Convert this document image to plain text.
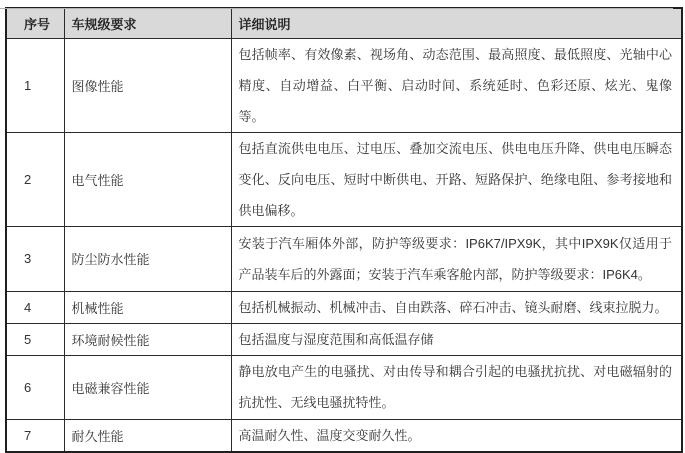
序号	车规级要求	详细说明
1	图像性能	包括帧率、有效像素、视场角、动态范围、最高照度、最低照度、光轴中心精度、自动增益、白平衡、启动时间、系统延时、色彩还原、炫光、鬼像等。
2	电气性能	包括直流供电电压、过电压、叠加交流电压、供电电压升降、供电电压瞬态变化、反向电压、短时中断供电、开路、短路保护、绝缘电阻、参考接地和供电偏移。
3	防尘防水性能	安装于汽车厢体外部，防护等级要求：IP6K7/IPX9K，其中IPX9K仅适用于产品装车后的外露面；安装于汽车乘客舱内部，防护等级要求：IP6K4。
4	机械性能	包括机械振动、机械冲击、自由跌落、碎石冲击、镜头耐磨、线束拉脱力。
5	环境耐候性能	包括温度与湿度范围和高低温存储
6	电磁兼容性能	静电放电产生的电骚扰、对由传导和耦合引起的电骚扰抗扰、对电磁辐射的抗扰性、无线电骚扰特性。
7	耐久性能	高温耐久性、温度交变耐久性。
